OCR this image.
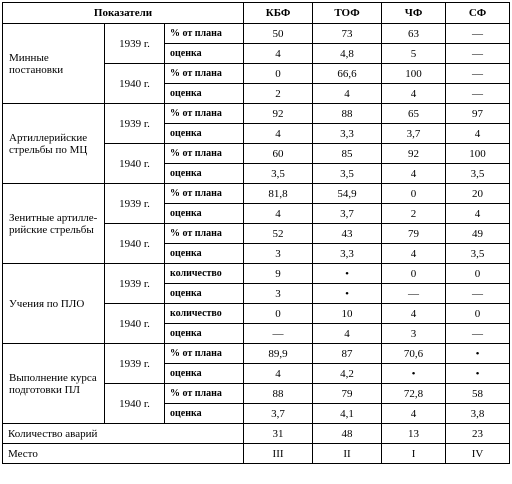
Показатели			КБФ	ТОФ	ЧФ	СФ
Минные постановки	1939 г.	% от плана	50	73	63	—
		оценка	4	4,8	5	—
	1940 г.	% от плана	0	66,6	100	—
		оценка	2	4	4	—
Артиллерийские стрельбы по МЦ	1939 г.	% от плана	92	88	65	97
		оценка	4	3,3	3,7	4
	1940 г.	% от плана	60	85	92	100
		оценка	3,5	3,5	4	3,5
Зенитные артилле-рийские стрельбы	1939 г.	% от плана	81,8	54,9	0	20
		оценка	4	3,7	2	4
	1940 г.	% от плана	52	43	79	49
		оценка	3	3,3	4	3,5
Учения по ПЛО	1939 г.	количество	9	•	0	0
		оценка	3	•	—	—
	1940 г.	количество	0	10	4	0
		оценка	—	4	3	—
Выполнение курса подготовки ПЛ	1939 г.	% от плана	89,9	87	70,6	•
		оценка	4	4,2	•	•
	1940 г.	% от плана	88	79	72,8	58
		оценка	3,7	4,1	4	3,8
Количество аварий			31	48	13	23
Место			III	II	I	IV
